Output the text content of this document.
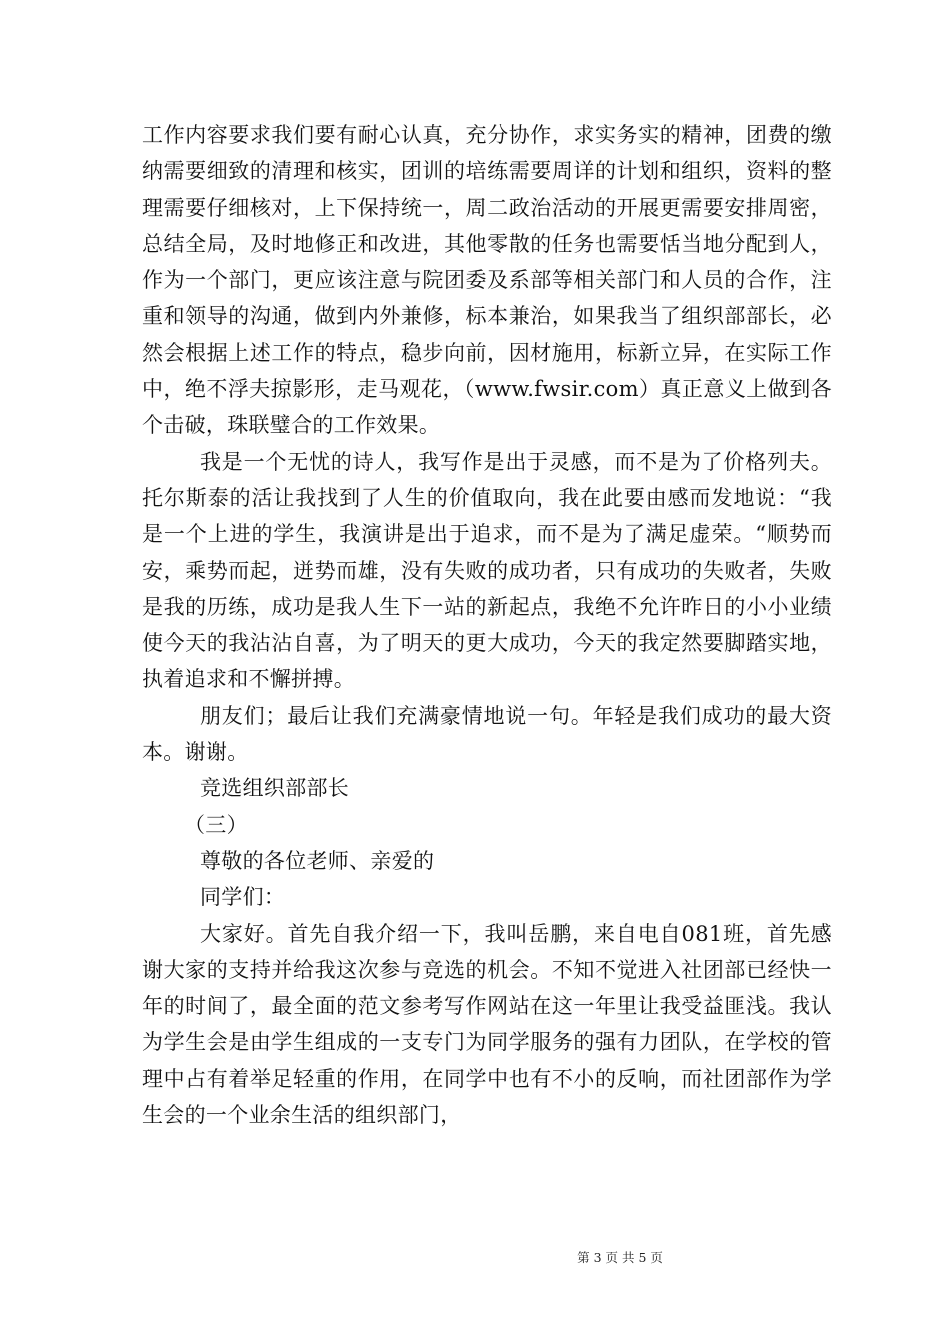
工作内容要求我们要有耐心认真，充分协作，求实务实的精神，团费的缴纳需要细致的清理和核实，团训的培练需要周详的计划和组织，资料的整理需要仔细核对，上下保持统一，周二政治活动的开展更需要安排周密，总结全局，及时地修正和改进，其他零散的任务也需要恬当地分配到人，作为一个部门，更应该注意与院团委及系部等相关部门和人员的合作，注重和领导的沟通，做到内外兼修，标本兼治，如果我当了组织部部长，必然会根据上述工作的特点，稳步向前，因材施用，标新立异，在实际工作中，绝不浮夫掠影形，走马观花，（www.fwsir.com）真正意义上做到各个击破，珠联璧合的工作效果。

我是一个无忧的诗人，我写作是出于灵感，而不是为了价格列夫。托尔斯泰的活让我找到了人生的价值取向，我在此要由感而发地说：“我是一个上进的学生，我演讲是出于追求，而不是为了满足虚荣。“顺势而安，乘势而起，迸势而雄，没有失败的成功者，只有成功的失败者，失败是我的历练，成功是我人生下一站的新起点，我绝不允许昨日的小小业绩使今天的我沾沾自喜，为了明天的更大成功，今天的我定然要脚踏实地，执着追求和不懈拼搏。

朋友们；最后让我们充满豪情地说一句。年轻是我们成功的最大资本。谢谢。

竞选组织部部长

（三）

尊敬的各位老师、亲爱的

同学们：

大家好。首先自我介绍一下，我叫岳鹏，来自电自081班，首先感谢大家的支持并给我这次参与竞选的机会。不知不觉进入社团部已经快一年的时间了，最全面的范文参考写作网站在这一年里让我受益匪浅。我认为学生会是由学生组成的一支专门为同学服务的强有力团队，在学校的管理中占有着举足轻重的作用，在同学中也有不小的反响，而社团部作为学生会的一个业余生活的组织部门，

第 3 页 共 5 页
